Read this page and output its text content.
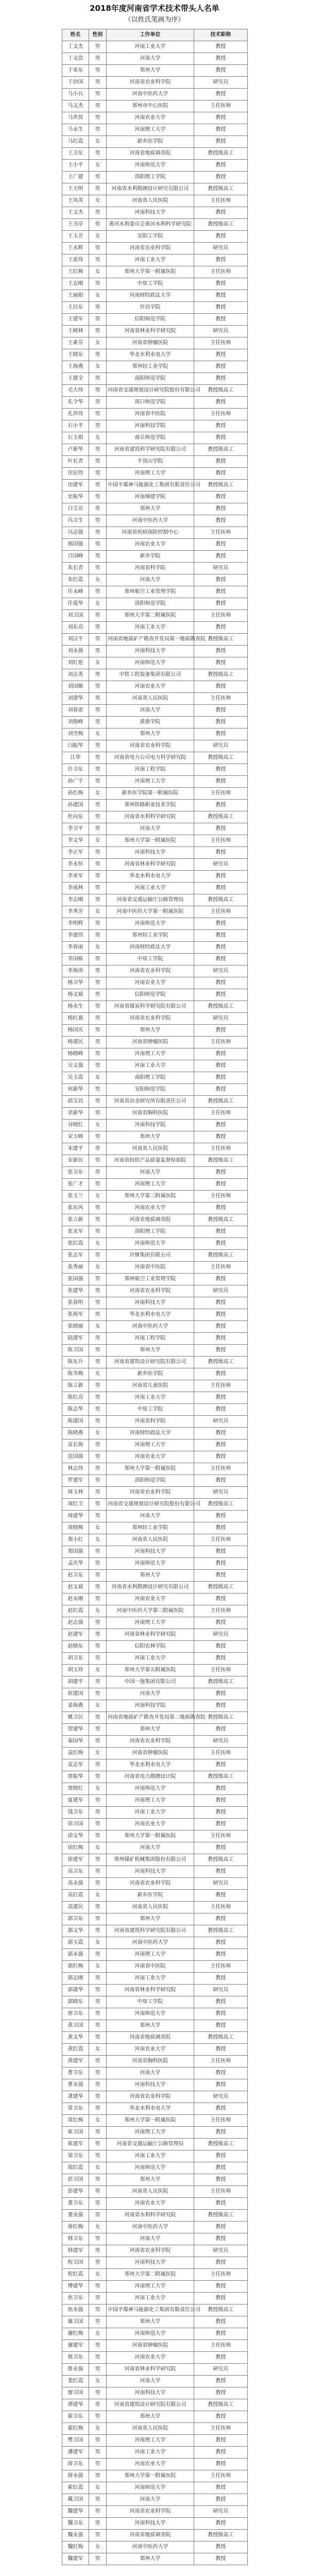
2018年度河南省学术技术带头人名单
（以姓氏笔画为序）
姓名	性别	工作单位	技术职称
丁文杰	男	河南工业大学	教授
丁义浩	男	河南大学	教授
于亚东	男	郑州大学	教授
于治国	男	河南省农业科学院	研究员
马小兵	男	河南中医药大学	教授
马文杰	男	郑州市中心医院	主任医师
马世贤	男	河南农业大学	教授
马永生	男	河南理工大学	教授
马红霞	女	新乡医学院	教授
王卫东	男	河南省地质调查院	教授级高工
王小平	女	河南师范大学	教授
王广建	男	洛阳理工学院	教授
王天明	男	河南省水利勘测设计研究有限公司	教授级高工
王凤英	女	河南省人民医院	主任医师
王文杰	男	河南科技大学	教授
王书亭	男	黄河水利委员会黄河水利科学研究院	教授级高工
王玉芳	女	安阳工学院	教授
王永辉	男	河南省农业科学院	研究员
王延伟	男	河南工业大学	教授
王红梅	女	郑州大学第一附属医院	主任医师
王志刚	男	中原工学院	教授
王丽娟	女	河南财经政法大学	教授
王启东	男	许昌学院	教授
王建军	男	信阳师范学院	教授
王树林	男	河南省林业科学研究院	研究员
王素芬	女	河南省肿瘤医院	主任医师
王晓东	男	华北水利水电大学	教授
王海燕	女	郑州轻工业学院	教授
王德全	男	南阳师范学院	教授
毛大伟	男	河南省交通规划设计研究院股份有限公司	教授级高工
孔令华	男	周口师范学院	教授
孔祥伟	男	河南省中医院	主任医师
石小平	男	河南科技学院	教授
石玉娟	女	商丘师范学院	教授
卢新华	男	河南省建筑科学研究院有限公司	教授级高工
叶长青	男	平顶山学院	教授
田宏伟	男	河南理工大学	教授
田建军	男	中国平煤神马能源化工集团有限责任公司	教授级高工
史振华	男	河南城建学院	教授
白宝亮	男	郑州大学	教授
冯卫生	男	河南中医药大学	教授
冯志强	男	河南省疾病预防控制中心	主任医师
邢国强	男	河南农业大学	教授
吕国峰	男	新乡学院	教授
朱长青	男	河南省科学院	研究员
朱红霞	女	河南大学	教授
任永峰	男	郑州航空工业管理学院	教授
任爱华	女	洛阳师范学院	教授
刘卫国	男	郑州大学第二附属医院	主任医师
刘东亮	男	河南工业大学	教授
刘汉平	男	河南省地质矿产勘查开发局第一地质勘查院	教授级高工
刘永强	男	河南科技大学	教授
刘红艳	女	河南师范大学	教授
刘志勇	男	中铁工程装备集团有限公司	教授级高工
刘国顺	男	河南农业大学	教授
刘建华	男	河南省人民医院	主任医师
刘春雷	男	河南大学	教授
刘俊峰	男	黄淮学院	教授
刘雪梅	女	郑州大学	教授
闫振华	男	河南省农业科学院	研究员
江华	男	河南省电力公司电力科学研究院	教授级高工
许卫东	男	河南工程学院	教授
孙广宇	男	河南理工大学	教授
孙红梅	女	新乡医学院第一附属医院	主任医师
孙建国	男	郑州铁路职业技术学院	教授
杜向东	男	河南省水利科学研究院	教授级高工
李卫平	男	河南大学	教授
李文华	女	郑州大学第一附属医院	主任医师
李正军	男	河南科技大学	教授
李永恒	男	河南省林业科学研究院	研究员
李亚军	男	华北水利水电大学	教授
李成林	男	河南工业大学	教授
李志刚	男	河南省交通运输厅公路管理局	教授级高工
李秀芳	女	河南中医药大学第一附属医院	主任医师
李明辉	男	河南师范大学	教授
李建伟	男	郑州轻工业学院	教授
李春雨	女	河南财经政法大学	教授
李国栋	男	中原工学院	教授
李海涛	男	河南省农业科学院	研究员
杨卫华	男	河南农业大学	教授
杨文斌	男	信阳师范学院	教授
杨永生	男	河南省煤炭科学研究院有限公司	教授级高工
杨红旗	男	河南省农业科学院	研究员
杨国庆	男	郑州大学	教授
杨建民	男	河南省肿瘤医院	主任医师
杨晓峰	男	河南理工大学	教授
吴义强	男	河南工业大学	教授
吴玉霞	女	南阳理工学院	教授
何新华	男	安阳师范学院	教授
邱宝昌	男	河南省冶金研究所有限责任公司	教授级高工
余新华	男	河南省胸科医院	主任医师
谷晓红	女	河南科技学院	教授
宋玉峰	男	郑州大学	教授
宋建平	男	河南省人民医院	主任医师
宋新民	男	河南省纺织产品质量监督检验院	教授级高工
张卫东	男	河南大学	教授
张广才	男	河南理工大学	教授
张玉兰	女	郑州大学第三附属医院	主任医师
张东风	男	河南农业大学	教授
张立新	男	河南省地质调查院	教授级高工
张永军	男	洛阳理工学院	教授
张红霞	女	河南师范大学	教授
张志军	男	许继集团有限公司	教授级高工
张秀丽	女	河南省中医院	主任医师
张国强	男	郑州航空工业管理学院	教授
张建华	男	河南省农业科学院	研究员
张春明	男	河南科技大学	教授
张海军	男	华北水利水电大学	教授
张晓丽	女	河南中医药大学	教授
陆建军	男	河南工程学院	教授
陈卫国	男	郑州大学	教授
陈东升	男	河南省建筑设计研究院有限公司	教授级高工
陈冬梅	女	新乡医学院	教授
陈立新	男	河南省儿童医院	主任医师
陈红亮	男	河南工业大学	教授
陈志华	男	中原工学院	教授
陈建国	男	河南省科学院	研究员
陈晓燕	女	河南财经政法大学	教授
苗长海	男	河南理工大学	教授
范国强	男	河南农业大学	教授
林志伟	男	郑州大学第一附属医院	主任医师
罗建军	男	洛阳师范学院	教授
周玉林	男	河南省农业科学院	研究员
周红卫	男	河南省交通规划设计研究院股份有限公司	教授级高工
周建华	男	河南大学	教授
周晓梅	女	郑州轻工业学院	教授
郑小红	女	河南省人民医院	主任医师
郑国强	男	河南科技大学	教授
孟庆华	男	河南师范大学	教授
赵卫东	男	郑州大学	教授
赵文斌	男	河南省水利勘测设计研究有限公司	教授级高工
赵永刚	男	河南农业大学	教授
赵红霞	女	河南中医药大学第三附属医院	主任医师
赵志强	男	河南理工大学	教授
赵建军	男	河南省林业科学研究院	研究员
赵晓东	男	信阳农林学院	教授
胡卫东	男	河南工业大学	教授
胡玉珍	女	郑州大学第五附属医院	主任医师
胡建平	男	中国一拖集团有限公司	教授级高工
侯建国	男	河南大学	教授
姜海燕	女	河南科技学院	教授
姚卫民	男	河南省地质矿产勘查开发局第二地质勘查院	教授级高工
贺建华	男	郑州大学	教授
秦国华	男	河南省农业科学院	研究员
袁红梅	女	河南省肿瘤医院	主任医师
袁志军	男	华北水利水电大学	教授
贾振华	男	河南省电力勘测设计院	教授级高工
贾晓红	女	河南师范大学	教授
夏建军	男	河南理工大学	教授
钱卫东	男	河南工业大学	教授
徐卫国	男	河南农业大学	教授
徐文华	男	郑州大学第一附属医院	主任医师
徐红梅	女	河南大学	教授
徐建军	男	郑州煤矿机械集团股份有限公司	教授级高工
高卫东	男	河南科技大学	教授
高永强	男	河南省农业科学院	研究员
高红霞	女	新乡医学院	教授
高建民	男	河南省人民医院	主任医师
郭卫东	男	郑州大学	教授
郭文华	男	河南省建筑科学研究院有限公司	教授级高工
郭玉霞	女	河南中医药大学	教授
郭永强	男	河南理工大学	教授
郭红梅	女	河南省中医院	主任医师
郭志刚	男	河南工业大学	教授
郭建华	男	河南省林业科学研究院	研究员
郭晓东	男	中原工学院	教授
唐卫东	男	河南师范大学	教授
黄卫国	男	郑州大学	教授
黄文华	男	河南省地质调查院	教授级高工
黄红霞	女	河南农业大学	教授
黄建军	男	河南省胸科医院	主任医师
曹卫东	男	河南大学	教授
曹永强	男	河南科技大学	教授
龚建华	男	河南省农业科学院	研究员
常卫东	男	华北水利水电大学	教授
常红梅	女	郑州大学第一附属医院	主任医师
崔卫国	男	河南理工大学	教授
崔建军	男	河南省交通运输厅公路管理局	教授级高工
梁卫东	男	河南工业大学	教授
梁红霞	女	河南师范大学	教授
彭卫国	男	郑州大学	教授
彭建华	男	河南省人民医院	主任医师
董卫东	男	河南农业大学	教授
董永强	男	河南省水利科学研究院	教授级高工
蒋红梅	女	河南中医药大学	教授
韩卫东	男	河南大学	教授
韩建军	男	河南省农业科学院	研究员
程卫国	男	河南科技大学	教授
程红霞	女	郑州大学第二附属医院	主任医师
傅建华	男	河南理工大学	教授
焦卫东	男	河南工业大学	教授
焦永强	男	中国平煤神马能源化工集团有限责任公司	教授级高工
谢卫国	男	郑州大学	教授
谢红梅	女	河南师范大学	教授
谢建军	男	河南省肿瘤医院	主任医师
蔡卫东	男	河南农业大学	教授
蔡永强	男	河南省林业科学研究院	研究员
裴红霞	女	河南大学	教授
廖卫国	男	河南科技大学	教授
谭建华	男	河南省建筑设计研究院有限公司	教授级高工
翟卫东	男	郑州大学	教授
翟红梅	女	河南省人民医院	主任医师
樊卫国	男	河南理工大学	教授
潘建军	男	河南工业大学	教授
薛卫东	男	河南农业大学	教授
薛永强	男	郑州大学第一附属医院	主任医师
霍红霞	女	河南师范大学	教授
戴卫国	男	河南大学	教授
魏建华	男	河南省农业科学院	研究员
魏卫东	男	河南科技大学	教授
魏永强	男	河南省地质调查院	教授级高工
魏红梅	女	河南中医药大学	教授
魏建军	男	郑州大学	教授
